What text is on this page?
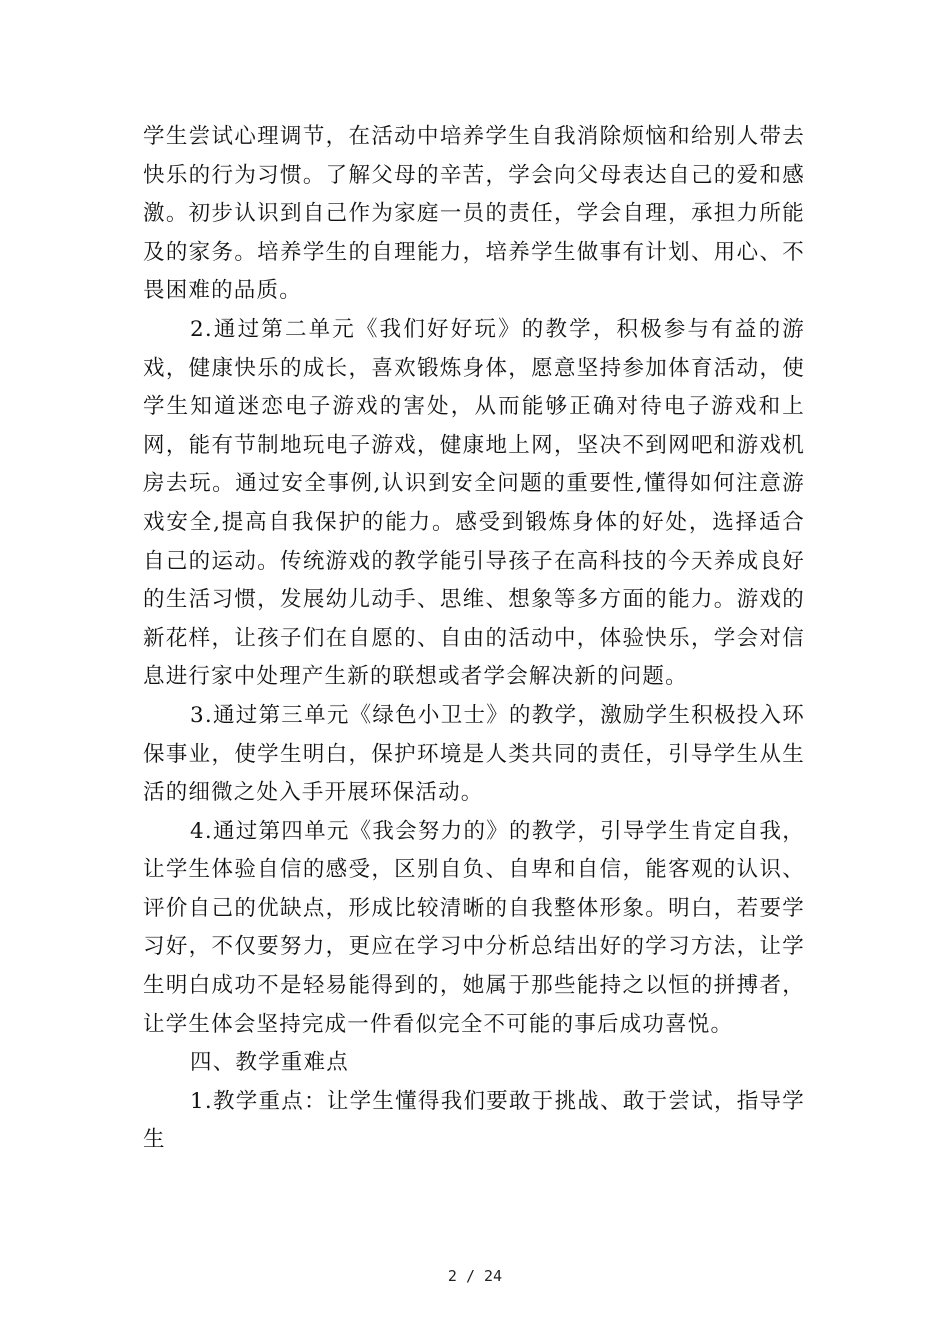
学生尝试心理调节，在活动中培养学生自我消除烦恼和给别人带去快乐的行为习惯。了解父母的辛苦，学会向父母表达自己的爱和感激。初步认识到自己作为家庭一员的责任，学会自理，承担力所能及的家务。培养学生的自理能力，培养学生做事有计划、用心、不畏困难的品质。

2.通过第二单元《我们好好玩》的教学，积极参与有益的游戏，健康快乐的成长，喜欢锻炼身体，愿意坚持参加体育活动，使学生知道迷恋电子游戏的害处，从而能够正确对待电子游戏和上网，能有节制地玩电子游戏，健康地上网，坚决不到网吧和游戏机房去玩。通过安全事例,认识到安全问题的重要性,懂得如何注意游戏安全,提高自我保护的能力。感受到锻炼身体的好处，选择适合自己的运动。传统游戏的教学能引导孩子在高科技的今天养成良好的生活习惯，发展幼儿动手、思维、想象等多方面的能力。游戏的新花样，让孩子们在自愿的、自由的活动中，体验快乐，学会对信息进行家中处理产生新的联想或者学会解决新的问题。

3.通过第三单元《绿色小卫士》的教学，激励学生积极投入环保事业，使学生明白，保护环境是人类共同的责任，引导学生从生活的细微之处入手开展环保活动。

4.通过第四单元《我会努力的》的教学，引导学生肯定自我，让学生体验自信的感受，区别自负、自卑和自信，能客观的认识、评价自己的优缺点，形成比较清晰的自我整体形象。明白，若要学习好，不仅要努力，更应在学习中分析总结出好的学习方法，让学生明白成功不是轻易能得到的，她属于那些能持之以恒的拼搏者，让学生体会坚持完成一件看似完全不可能的事后成功喜悦。

四、教学重难点

1.教学重点：让学生懂得我们要敢于挑战、敢于尝试，指导学生

2 / 24
